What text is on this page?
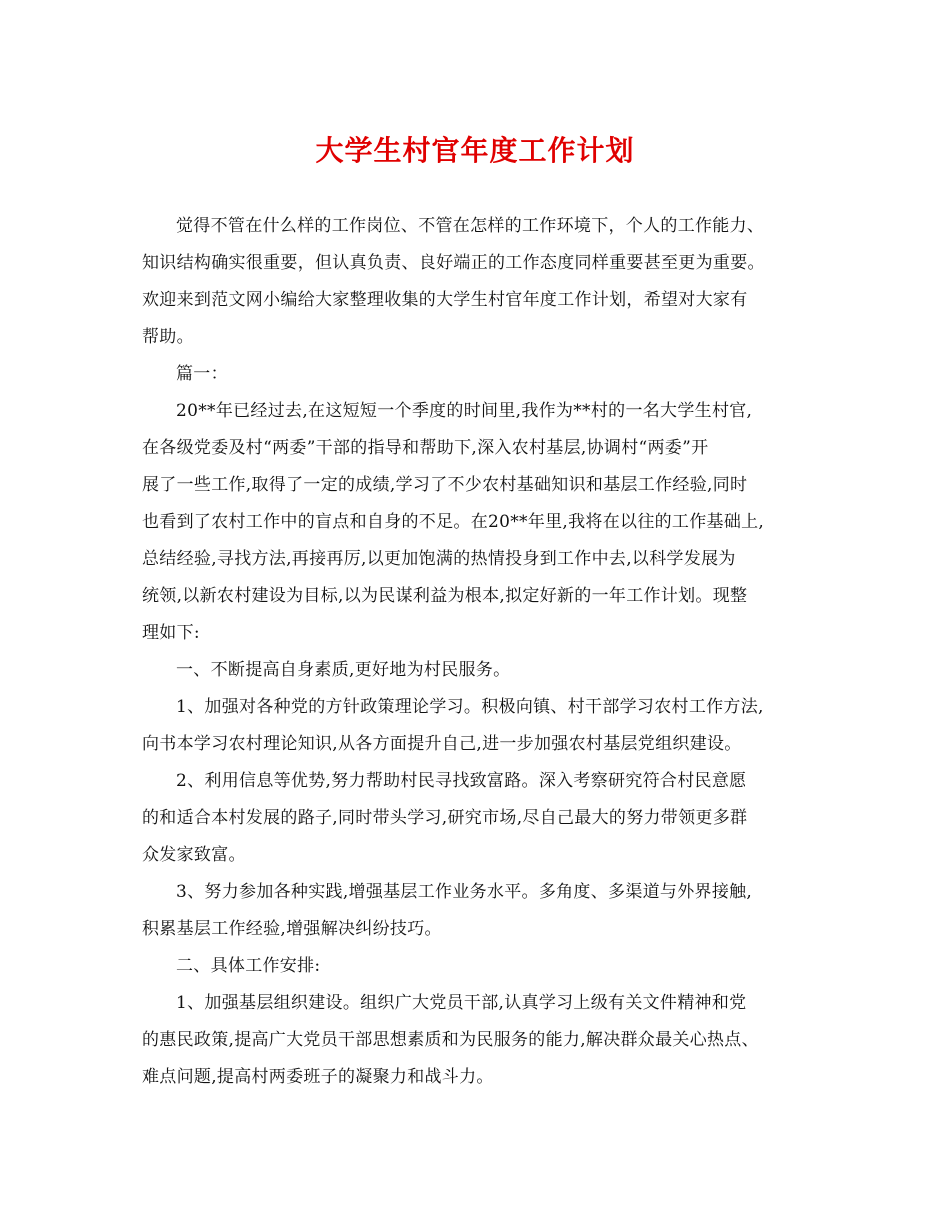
大学生村官年度工作计划
觉得不管在什么样的工作岗位、不管在怎样的工作环境下，个人的工作能力、
知识结构确实很重要，但认真负责、良好端正的工作态度同样重要甚至更为重要。
欢迎来到范文网小编给大家整理收集的大学生村官年度工作计划，希望对大家有
帮助。
篇一：
20**年已经过去,在这短短一个季度的时间里,我作为**村的一名大学生村官,
在各级党委及村“两委”干部的指导和帮助下,深入农村基层,协调村“两委”开
展了一些工作,取得了一定的成绩,学习了不少农村基础知识和基层工作经验,同时
也看到了农村工作中的盲点和自身的不足。在20**年里,我将在以往的工作基础上,
总结经验,寻找方法,再接再厉,以更加饱满的热情投身到工作中去,以科学发展为
统领,以新农村建设为目标,以为民谋利益为根本,拟定好新的一年工作计划。现整
理如下:
一、不断提高自身素质,更好地为村民服务。
1、加强对各种党的方针政策理论学习。积极向镇、村干部学习农村工作方法,
向书本学习农村理论知识,从各方面提升自己,进一步加强农村基层党组织建设。
2、利用信息等优势,努力帮助村民寻找致富路。深入考察研究符合村民意愿
的和适合本村发展的路子,同时带头学习,研究市场,尽自己最大的努力带领更多群
众发家致富。
3、努力参加各种实践,增强基层工作业务水平。多角度、多渠道与外界接触,
积累基层工作经验,增强解决纠纷技巧。
二、具体工作安排:
1、加强基层组织建设。组织广大党员干部,认真学习上级有关文件精神和党
的惠民政策,提高广大党员干部思想素质和为民服务的能力,解决群众最关心热点、
难点问题,提高村两委班子的凝聚力和战斗力。
